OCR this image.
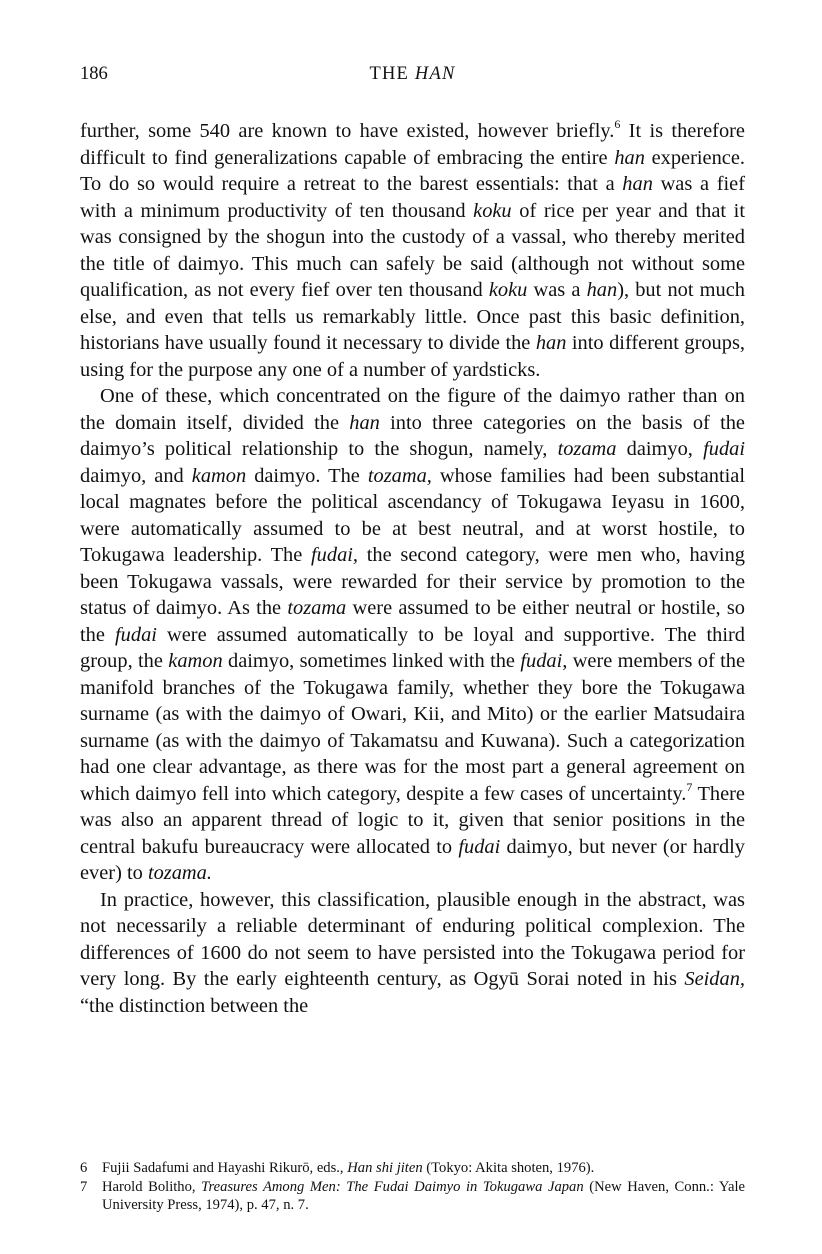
186	THE HAN

further, some 540 are known to have existed, however briefly.$^6$ It is therefore difficult to find generalizations capable of embracing the entire han experience. To do so would require a retreat to the barest essentials: that a han was a fief with a minimum productivity of ten thousand koku of rice per year and that it was consigned by the shogun into the custody of a vassal, who thereby merited the title of daimyo. This much can safely be said (although not without some qualification, as not every fief over ten thousand koku was a han), but not much else, and even that tells us remarkably little. Once past this basic definition, historians have usually found it necessary to divide the han into different groups, using for the purpose any one of a number of yardsticks.

One of these, which concentrated on the figure of the daimyo rather than on the domain itself, divided the han into three categories on the basis of the daimyo’s political relationship to the shogun, namely, tozama daimyo, fudai daimyo, and kamon daimyo. The tozama, whose families had been substantial local magnates before the political ascendancy of Tokugawa Ieyasu in 1600, were automatically assumed to be at best neutral, and at worst hostile, to Tokugawa leadership. The fudai, the second category, were men who, having been Tokugawa vassals, were rewarded for their service by promotion to the status of daimyo. As the tozama were assumed to be either neutral or hostile, so the fudai were assumed automatically to be loyal and supportive. The third group, the kamon daimyo, sometimes linked with the fudai, were members of the manifold branches of the Tokugawa family, whether they bore the Tokugawa surname (as with the daimyo of Owari, Kii, and Mito) or the earlier Matsudaira surname (as with the daimyo of Takamatsu and Kuwana). Such a categorization had one clear advantage, as there was for the most part a general agreement on which daimyo fell into which category, despite a few cases of uncertainty.$^7$ There was also an apparent thread of logic to it, given that senior positions in the central bakufu bureaucracy were allocated to fudai daimyo, but never (or hardly ever) to tozama.

In practice, however, this classification, plausible enough in the abstract, was not necessarily a reliable determinant of enduring political complexion. The differences of 1600 do not seem to have persisted into the Tokugawa period for very long. By the early eighteenth century, as Ogyū Sorai noted in his Seidan, “the distinction between the

6 Fujii Sadafumi and Hayashi Rikurō, eds., Han shi jiten (Tokyo: Akita shoten, 1976).
7 Harold Bolitho, Treasures Among Men: The Fudai Daimyo in Tokugawa Japan (New Haven, Conn.: Yale University Press, 1974), p. 47, n. 7.
